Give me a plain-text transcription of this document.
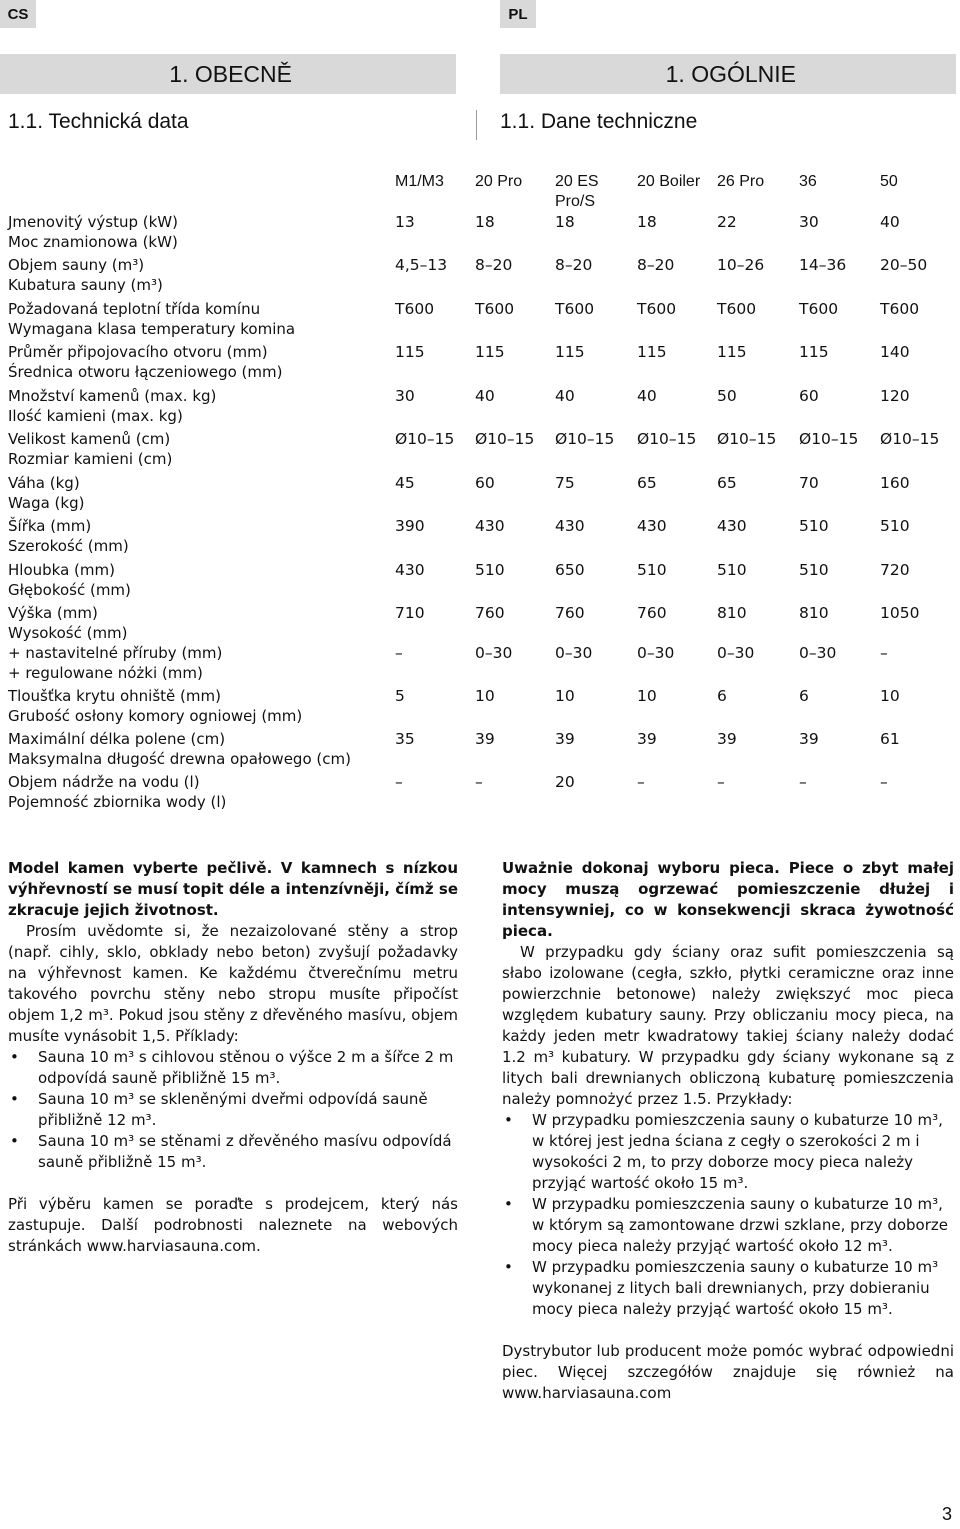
CS	PL
1. OBECNĚ	1. OGÓLNIE
1.1. Technická data	1.1. Dane techniczne
M1/M3	20 Pro	20 ES Pro/S
20 Boiler	26 Pro	36	50
Jmenovitý výstup (kW)
Moc znamionowa (kW)
13	18	18	18	22	30	40
Objem sauny (m³)
Kubatura sauny (m³)
4,5–13 8–20	8–20	8–20	10–26 14–36 20–50
Požadovaná teplotní třída komínu
Wymagana klasa temperatury komina
T600	T600	T600	T600	T600	T600	T600
Průměr připojovacího otvoru (mm)
Średnica otworu łączeniowego (mm)
115	115	115	115	115	115	140
Množství kamenů (max. kg)
Ilość kamieni (max. kg)
30	40	40	40	50	60	120
Velikost kamenů (cm)
Rozmiar kamieni (cm)
Ø10–15 Ø10–15 Ø10–15 Ø10–15 Ø10–15 Ø10–15 Ø10–15
Váha (kg)
Waga (kg)
45	60	75	65	65	70	160
Šířka (mm)
Szerokość (mm)
390	430	430	430	430	510	510
Hloubka (mm)
Głębokość (mm)
430	510	650	510	510	510	720
Výška (mm)
Wysokość (mm)
710	760	760	760	810	810	1050
+ nastavitelné příruby (mm)
+ regulowane nóżki (mm)
–	0–30	0–30	0–30	0–30	0–30	–
Tloušťka krytu ohniště (mm)
Grubość osłony komory ogniowej (mm)
5	10	10	10	6	6	10
Maximální délka polene (cm)
Maksymalna długość drewna opałowego (cm)
35	39	39	39	39	39	61
Objem nádrže na vodu (l)
Pojemność zbiornika wody (l)
–	–	20	–	–	–	–

Model kamen vyberte pečlivě. V kamnech s nízkou výhřevností se musí topit déle a intenzívněji, čímž se zkracuje jejich životnost.

Prosím uvědomte si, že nezaizolované stěny a strop (např. cihly, sklo, obklady nebo beton) zvyšují požadavky na výhřevnost kamen. Ke každému čtverečnímu metru takového povrchu stěny nebo stropu musíte připočíst objem 1,2 m³. Pokud jsou stěny z dřevěného masívu, objem musíte vynásobit 1,5. Příklady:

• Sauna 10 m³ s cihlovou stěnou o výšce 2 m a šířce 2 m odpovídá sauně přibližně 15 m³.
• Sauna 10 m³ se skleněnými dveřmi odpovídá sauně přibližně 12 m³.
• Sauna 10 m³ se stěnami z dřevěného masívu odpovídá sauně přibližně 15 m³.

Při výběru kamen se poraďte s prodejcem, který nás zastupuje. Další podrobnosti naleznete na webových stránkách www.harviasauna.com.

Uważnie dokonaj wyboru pieca. Piece o zbyt małej mocy muszą ogrzewać pomieszczenie dłużej i intensywniej, co w konsekwencji skraca żywotność pieca.

W przypadku gdy ściany oraz sufit pomieszczenia są słabo izolowane (cegła, szkło, płytki ceramiczne oraz inne powierzchnie betonowe) należy zwiększyć moc pieca względem kubatury sauny. Przy obliczaniu mocy pieca, na każdy jeden metr kwadratowy takiej ściany należy dodać 1.2 m³ kubatury. W przypadku gdy ściany wykonane są z litych bali drewnianych obliczoną kubaturę pomieszczenia należy pomnożyć przez 1.5. Przykłady:

• W przypadku pomieszczenia sauny o kubaturze 10 m³, w której jest jedna ściana z cegły o szerokości 2 m i wysokości 2 m, to przy doborze mocy pieca należy przyjąć wartość około 15 m³.
• W przypadku pomieszczenia sauny o kubaturze 10 m³, w którym są zamontowane drzwi szklane, przy doborze mocy pieca należy przyjąć wartość około 12 m³.
• W przypadku pomieszczenia sauny o kubaturze 10 m³ wykonanej z litych bali drewnianych, przy dobieraniu mocy pieca należy przyjąć wartość około 15 m³.

Dystrybutor lub producent może pomóc wybrać odpowiedni piec. Więcej szczegółów znajduje się również na www.harviasauna.com

3
